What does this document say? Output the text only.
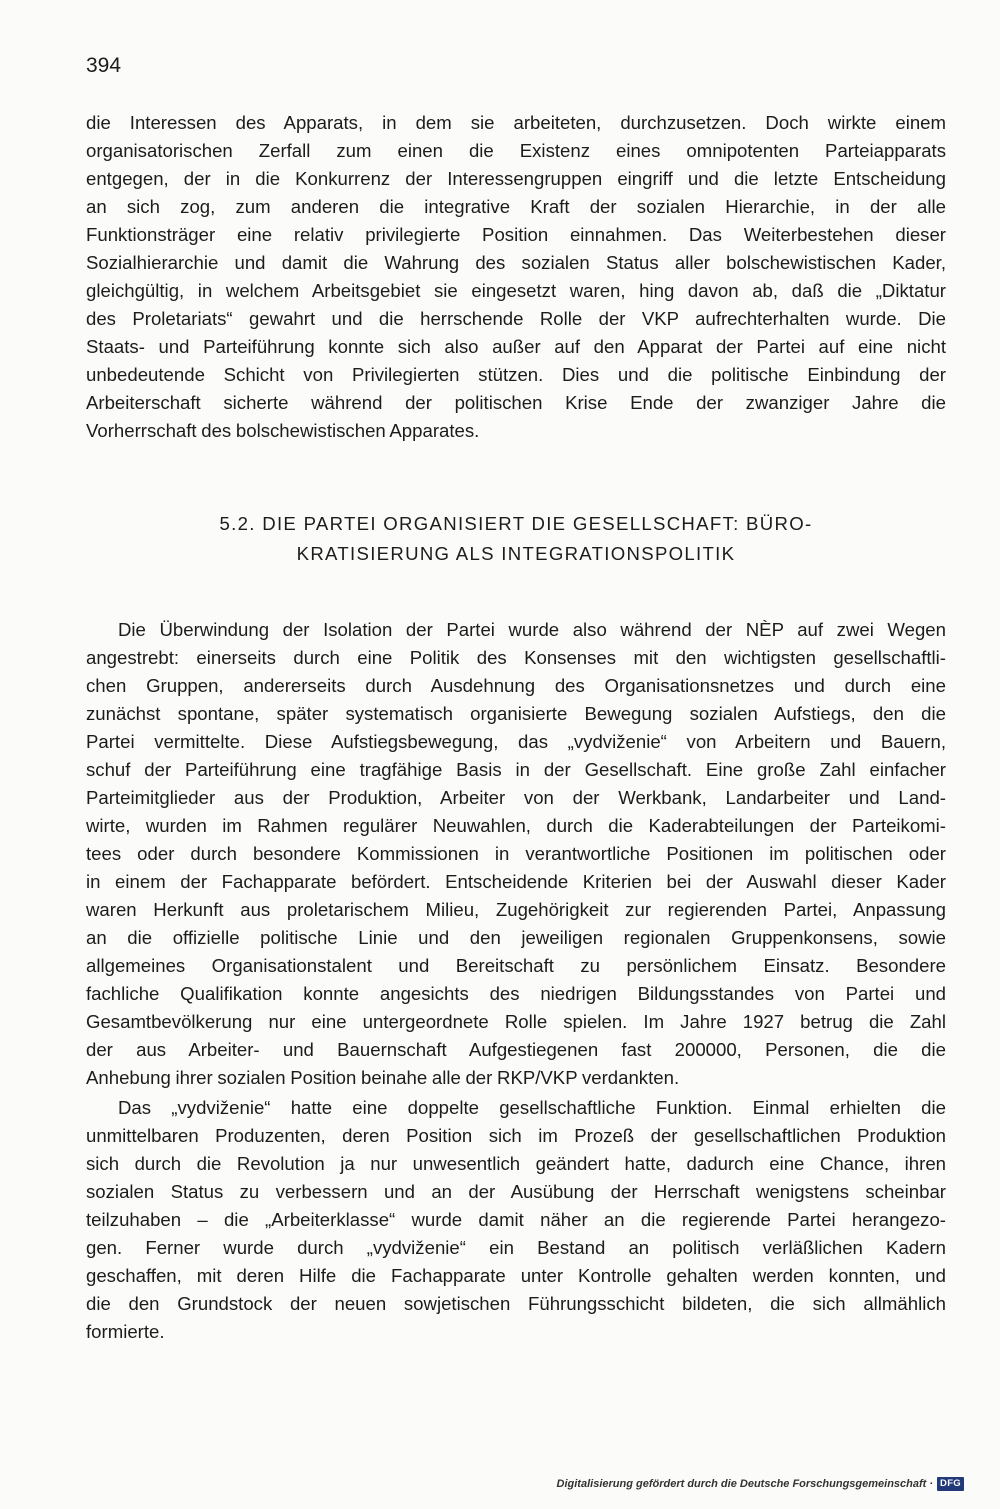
394
die Interessen des Apparats, in dem sie arbeiteten, durchzusetzen. Doch wirkte einem
organisatorischen Zerfall zum einen die Existenz eines omnipotenten Parteiapparats
entgegen, der in die Konkurrenz der Interessengruppen eingriff und die letzte Entscheidung
an sich zog, zum anderen die integrative Kraft der sozialen Hierarchie, in der alle
Funktionsträger eine relativ privilegierte Position einnahmen. Das Weiterbestehen dieser
Sozialhierarchie und damit die Wahrung des sozialen Status aller bolschewistischen Kader,
gleichgültig, in welchem Arbeitsgebiet sie eingesetzt waren, hing davon ab, daß die „Diktatur
des Proletariats“ gewahrt und die herrschende Rolle der VKP aufrechterhalten wurde. Die
Staats- und Parteiführung konnte sich also außer auf den Apparat der Partei auf eine nicht
unbedeutende Schicht von Privilegierten stützen. Dies und die politische Einbindung der
Arbeiterschaft sicherte während der politischen Krise Ende der zwanziger Jahre die
Vorherrschaft des bolschewistischen Apparates.
5.2. DIE PARTEI ORGANISIERT DIE GESELLSCHAFT: BÜRO-
KRATISIERUNG ALS INTEGRATIONSPOLITIK
Die Überwindung der Isolation der Partei wurde also während der NÈP auf zwei Wegen
angestrebt: einerseits durch eine Politik des Konsenses mit den wichtigsten gesellschaftli-
chen Gruppen, andererseits durch Ausdehnung des Organisationsnetzes und durch eine
zunächst spontane, später systematisch organisierte Bewegung sozialen Aufstiegs, den die
Partei vermittelte. Diese Aufstiegsbewegung, das „vydviženie“ von Arbeitern und Bauern,
schuf der Parteiführung eine tragfähige Basis in der Gesellschaft. Eine große Zahl einfacher
Parteimitglieder aus der Produktion, Arbeiter von der Werkbank, Landarbeiter und Land-
wirte, wurden im Rahmen regulärer Neuwahlen, durch die Kaderabteilungen der Parteikomi-
tees oder durch besondere Kommissionen in verantwortliche Positionen im politischen oder
in einem der Fachapparate befördert. Entscheidende Kriterien bei der Auswahl dieser Kader
waren Herkunft aus proletarischem Milieu, Zugehörigkeit zur regierenden Partei, Anpassung
an die offizielle politische Linie und den jeweiligen regionalen Gruppenkonsens, sowie
allgemeines Organisationstalent und Bereitschaft zu persönlichem Einsatz. Besondere
fachliche Qualifikation konnte angesichts des niedrigen Bildungsstandes von Partei und
Gesamtbevölkerung nur eine untergeordnete Rolle spielen. Im Jahre 1927 betrug die Zahl
der aus Arbeiter- und Bauernschaft Aufgestiegenen fast 200000, Personen, die die
Anhebung ihrer sozialen Position beinahe alle der RKP/VKP verdankten.
Das „vydviženie“ hatte eine doppelte gesellschaftliche Funktion. Einmal erhielten die
unmittelbaren Produzenten, deren Position sich im Prozeß der gesellschaftlichen Produktion
sich durch die Revolution ja nur unwesentlich geändert hatte, dadurch eine Chance, ihren
sozialen Status zu verbessern und an der Ausübung der Herrschaft wenigstens scheinbar
teilzuhaben – die „Arbeiterklasse“ wurde damit näher an die regierende Partei herangezo-
gen. Ferner wurde durch „vydviženie“ ein Bestand an politisch verläßlichen Kadern
geschaffen, mit deren Hilfe die Fachapparate unter Kontrolle gehalten werden konnten, und
die den Grundstock der neuen sowjetischen Führungsschicht bildeten, die sich allmählich
formierte.
Digitalisierung gefördert durch die Deutsche Forschungsgemeinschaft · DFG
